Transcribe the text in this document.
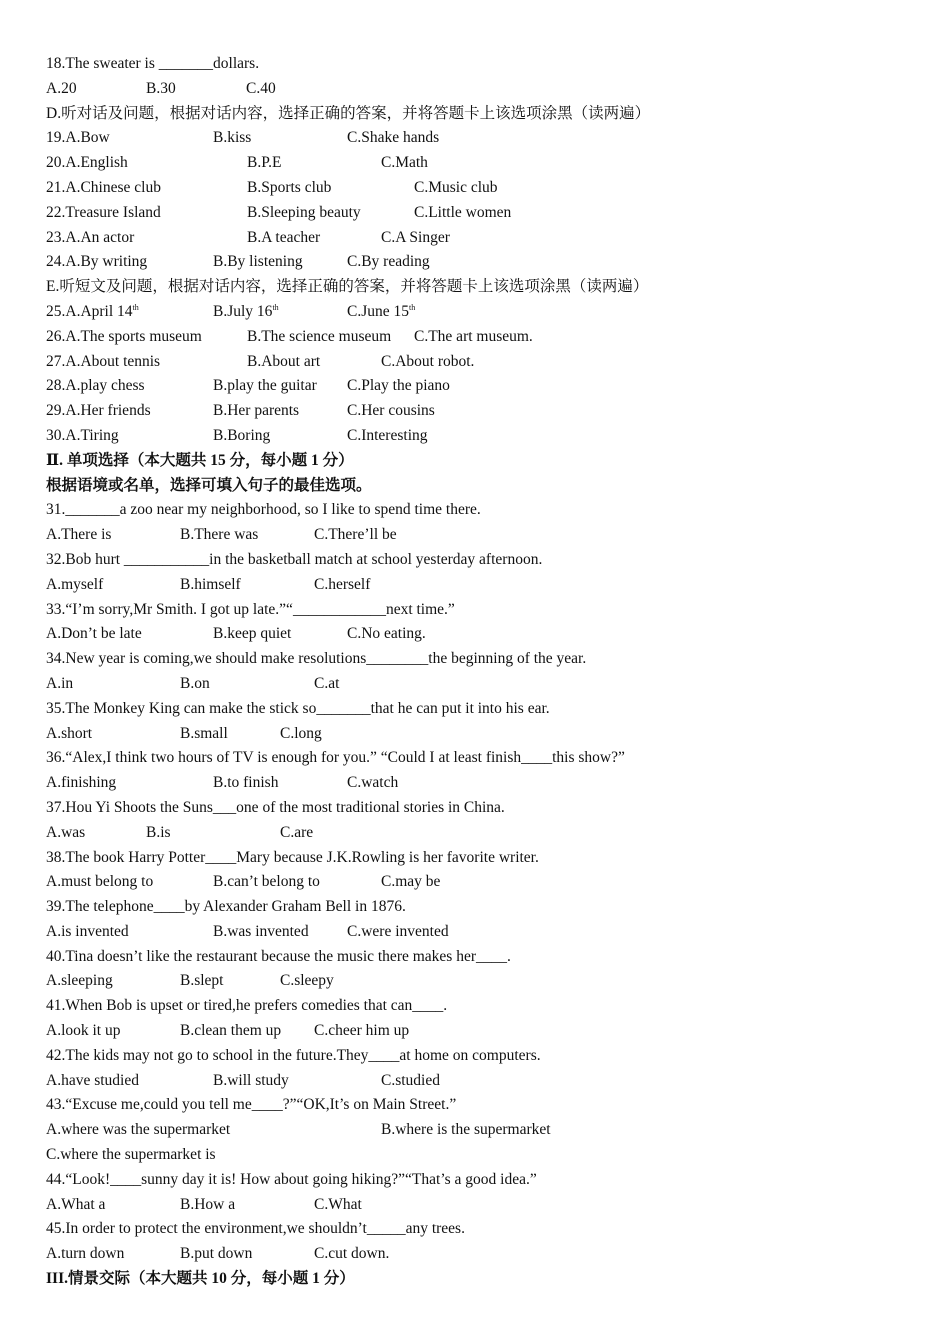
18.The sweater is _______dollars.
A.20	B.30	C.40
D.听对话及问题，根据对话内容，选择正确的答案，并将答题卡上该选项涂黑（读两遍）
19.A.Bow	B.kiss	C.Shake hands
20.A.English	B.P.E	C.Math
21.A.Chinese club	B.Sports club	C.Music club
22.Treasure Island	B.Sleeping beauty	C.Little women
23.A.An actor	B.A teacher	C.A Singer
24.A.By writing	B.By listening	C.By reading
E.听短文及问题，根据对话内容，选择正确的答案，并将答题卡上该选项涂黑（读两遍）
25.A.April 14th	B.July 16th	C.June 15th
26.A.The sports museum	B.The science museum C.The art museum.
27.A.About tennis	B.About art	C.About robot.
28.A.play chess	B.play the guitar C.Play the piano
29.A.Her friends	B.Her parents	C.Her cousins
30.A.Tiring	B.Boring	C.Interesting
Ⅱ. 单项选择（本大题共 15 分，每小题 1 分）
根据语境或名单，选择可填入句子的最佳选项。
31._______a zoo near my neighborhood, so I like to spend time there.
A.There is	B.There was	C.There’ll be
32.Bob hurt ___________in the basketball match at school yesterday afternoon.
A.myself	B.himself	C.herself
33.“I’m sorry,Mr Smith. I got up late.”“____________next time.”
A.Don’t be late	B.keep quiet	C.No eating.
34.New year is coming,we should make resolutions________the beginning of the year.
A.in	B.on	C.at
35.The Monkey King can make the stick so_______that he can put it into his ear.
A.short	B.small	C.long
36.“Alex,I think two hours of TV is enough for you.” “Could I at least finish____this show?”
A.finishing	B.to finish	C.watch
37.Hou Yi Shoots the Suns___one of the most traditional stories in China.
A.was	B.is	C.are
38.The book Harry Potter____Mary because J.K.Rowling is her favorite writer.
A.must belong to	B.can’t belong to	C.may be
39.The telephone____by Alexander Graham Bell in 1876.
A.is invented	B.was invented C.were invented
40.Tina doesn’t like the restaurant because the music there makes her____.
A.sleeping	B.slept	C.sleepy
41.When Bob is upset or tired,he prefers comedies that can____.
A.look it up	B.clean them up C.cheer him up
42.The kids may not go to school in the future.They____at home on computers.
A.have studied	B.will study	C.studied
43.“Excuse me,could you tell me____?”“OK,It’s on Main Street.”
A.where was the supermarket	B.where is the supermarket
C.where the supermarket is
44.“Look!____sunny day it is! How about going hiking?”“That’s a good idea.”
A.What a	B.How a	C.What
45.In order to protect the environment,we shouldn’t_____any trees.
A.turn down	B.put down	C.cut down.
III.情景交际（本大题共 10 分，每小题 1 分）
